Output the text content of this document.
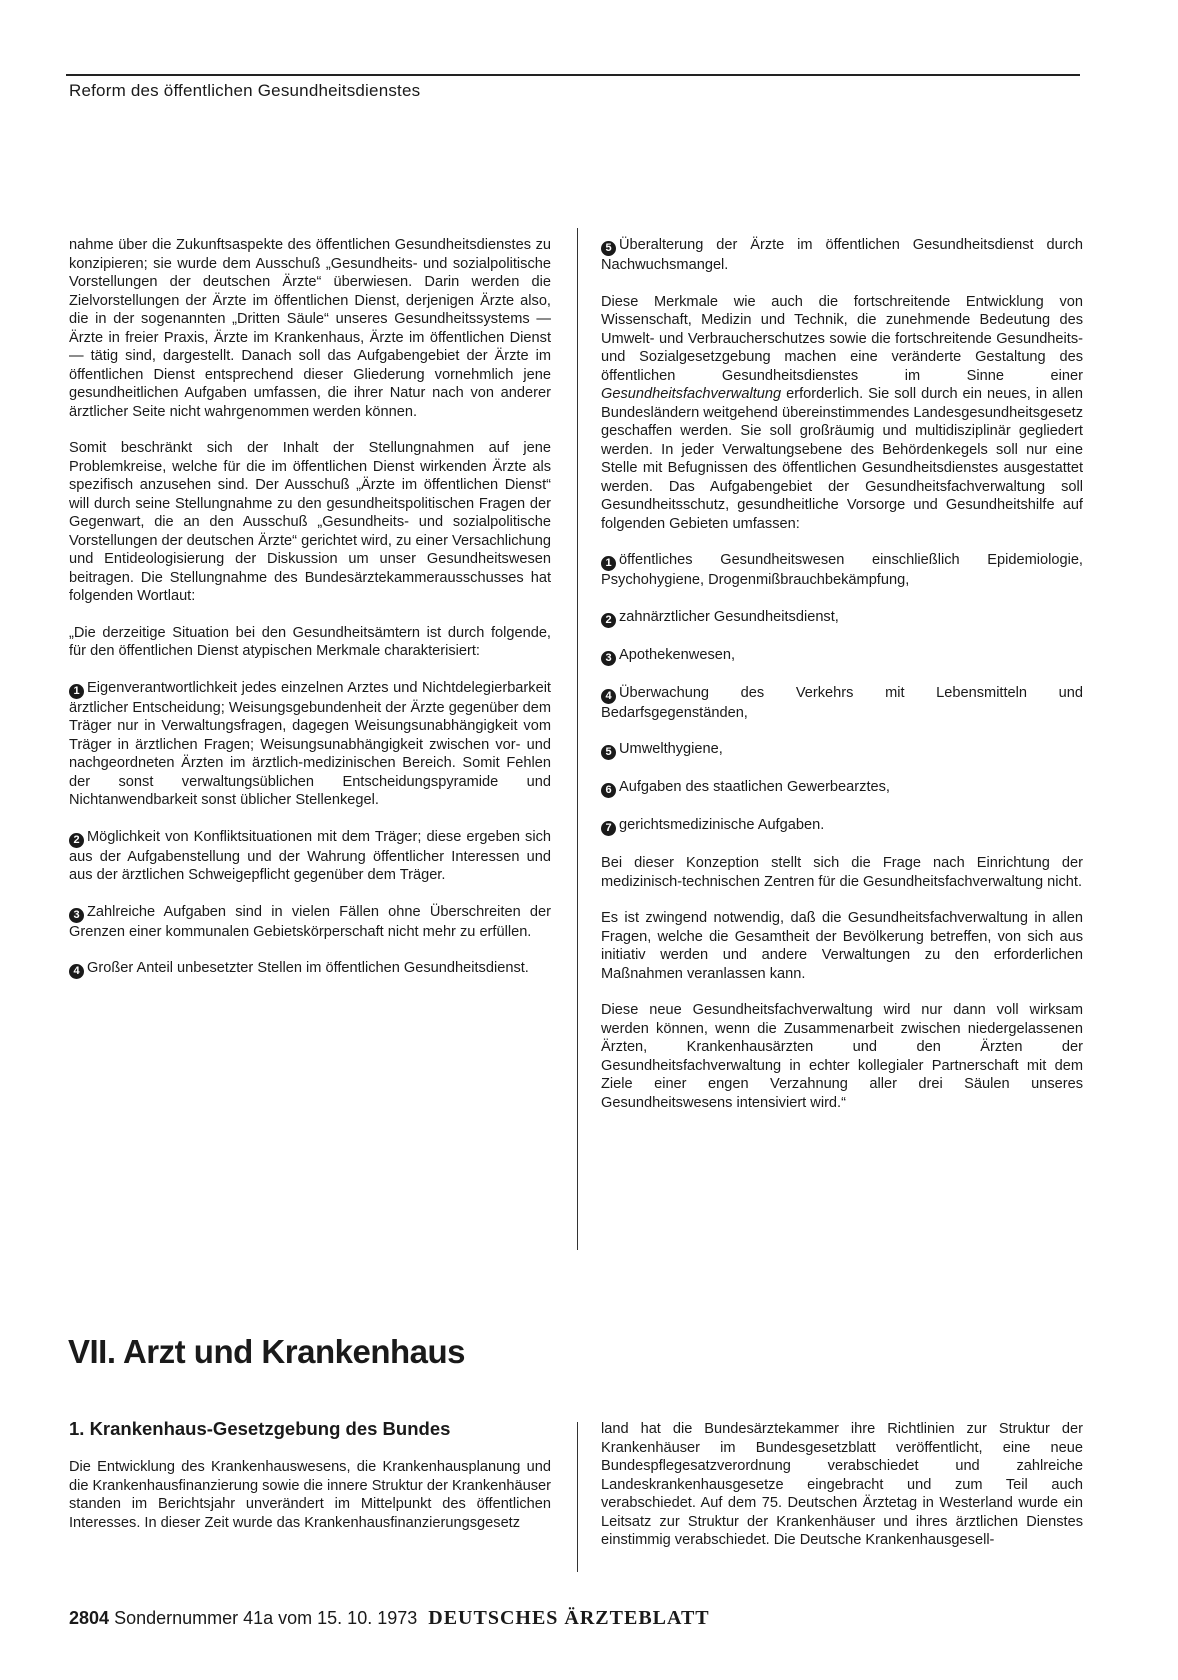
Reform des öffentlichen Gesundheitsdienstes

nahme über die Zukunftsaspekte des öffentlichen Gesundheitsdienstes zu konzipieren; sie wurde dem Ausschuß „Gesundheits- und sozialpolitische Vorstellungen der deutschen Ärzte“ überwiesen. Darin werden die Zielvorstellungen der Ärzte im öffentlichen Dienst, derjenigen Ärzte also, die in der sogenannten „Dritten Säule“ unseres Gesundheitssystems — Ärzte in freier Praxis, Ärzte im Krankenhaus, Ärzte im öffentlichen Dienst — tätig sind, dargestellt. Danach soll das Aufgabengebiet der Ärzte im öffentlichen Dienst entsprechend dieser Gliederung vornehmlich jene gesundheitlichen Aufgaben umfassen, die ihrer Natur nach von anderer ärztlicher Seite nicht wahrgenommen werden können.

Somit beschränkt sich der Inhalt der Stellungnahmen auf jene Problemkreise, welche für die im öffentlichen Dienst wirkenden Ärzte als spezifisch anzusehen sind. Der Ausschuß „Ärzte im öffentlichen Dienst“ will durch seine Stellungnahme zu den gesundheitspolitischen Fragen der Gegenwart, die an den Ausschuß „Gesundheits- und sozialpolitische Vorstellungen der deutschen Ärzte“ gerichtet wird, zu einer Versachlichung und Entideologisierung der Diskussion um unser Gesundheitswesen beitragen. Die Stellungnahme des Bundesärztekammerausschusses hat folgenden Wortlaut:

„Die derzeitige Situation bei den Gesundheitsämtern ist durch folgende, für den öffentlichen Dienst atypischen Merkmale charakterisiert:

1 Eigenverantwortlichkeit jedes einzelnen Arztes und Nichtdelegierbarkeit ärztlicher Entscheidung; Weisungsgebundenheit der Ärzte gegenüber dem Träger nur in Verwaltungsfragen, dagegen Weisungsunabhängigkeit vom Träger in ärztlichen Fragen; Weisungsunabhängigkeit zwischen vor- und nachgeordneten Ärzten im ärztlich-medizinischen Bereich. Somit Fehlen der sonst verwaltungsüblichen Entscheidungspyramide und Nichtanwendbarkeit sonst üblicher Stellenkegel.

2 Möglichkeit von Konfliktsituationen mit dem Träger; diese ergeben sich aus der Aufgabenstellung und der Wahrung öffentlicher Interessen und aus der ärztlichen Schweigepflicht gegenüber dem Träger.

3 Zahlreiche Aufgaben sind in vielen Fällen ohne Überschreiten der Grenzen einer kommunalen Gebietskörperschaft nicht mehr zu erfüllen.

4 Großer Anteil unbesetzter Stellen im öffentlichen Gesundheitsdienst.

5 Überalterung der Ärzte im öffentlichen Gesundheitsdienst durch Nachwuchsmangel.

Diese Merkmale wie auch die fortschreitende Entwicklung von Wissenschaft, Medizin und Technik, die zunehmende Bedeutung des Umwelt- und Verbraucherschutzes sowie die fortschreitende Gesundheits- und Sozialgesetzgebung machen eine veränderte Gestaltung des öffentlichen Gesundheitsdienstes im Sinne einer Gesundheitsfachverwaltung erforderlich. Sie soll durch ein neues, in allen Bundesländern weitgehend übereinstimmendes Landesgesundheitsgesetz geschaffen werden. Sie soll großräumig und multidisziplinär gegliedert werden. In jeder Verwaltungsebene des Behördenkegels soll nur eine Stelle mit Befugnissen des öffentlichen Gesundheitsdienstes ausgestattet werden. Das Aufgabengebiet der Gesundheitsfachverwaltung soll Gesundheitsschutz, gesundheitliche Vorsorge und Gesundheitshilfe auf folgenden Gebieten umfassen:

1 öffentliches Gesundheitswesen einschließlich Epidemiologie, Psychohygiene, Drogenmißbrauchbekämpfung,

2 zahnärztlicher Gesundheitsdienst,

3 Apothekenwesen,

4 Überwachung des Verkehrs mit Lebensmitteln und Bedarfsgegenständen,

5 Umwelthygiene,

6 Aufgaben des staatlichen Gewerbearztes,

7 gerichtsmedizinische Aufgaben.

Bei dieser Konzeption stellt sich die Frage nach Einrichtung der medizinisch-technischen Zentren für die Gesundheitsfachverwaltung nicht.

Es ist zwingend notwendig, daß die Gesundheitsfachverwaltung in allen Fragen, welche die Gesamtheit der Bevölkerung betreffen, von sich aus initiativ werden und andere Verwaltungen zu den erforderlichen Maßnahmen veranlassen kann.

Diese neue Gesundheitsfachverwaltung wird nur dann voll wirksam werden können, wenn die Zusammenarbeit zwischen niedergelassenen Ärzten, Krankenhausärzten und den Ärzten der Gesundheitsfachverwaltung in echter kollegialer Partnerschaft mit dem Ziele einer engen Verzahnung aller drei Säulen unseres Gesundheitswesens intensiviert wird.“

VII. Arzt und Krankenhaus
1. Krankenhaus-Gesetzgebung des Bundes

Die Entwicklung des Krankenhauswesens, die Krankenhausplanung und die Krankenhausfinanzierung sowie die innere Struktur der Krankenhäuser standen im Berichtsjahr unverändert im Mittelpunkt des öffentlichen Interesses. In dieser Zeit wurde das Krankenhausfinanzierungsgesetz

land hat die Bundesärztekammer ihre Richtlinien zur Struktur der Krankenhäuser im Bundesgesetzblatt veröffentlicht, eine neue Bundespflegesatzverordnung verabschiedet und zahlreiche Landeskrankenhausgesetze eingebracht und zum Teil auch verabschiedet. Auf dem 75. Deutschen Ärztetag in Westerland wurde ein Leitsatz zur Struktur der Krankenhäuser und ihres ärztlichen Dienstes einstimmig verabschiedet. Die Deutsche Krankenhausgesell-

2804 Sondernummer 41a vom 15. 10. 1973 DEUTSCHES ÄRZTEBLATT
